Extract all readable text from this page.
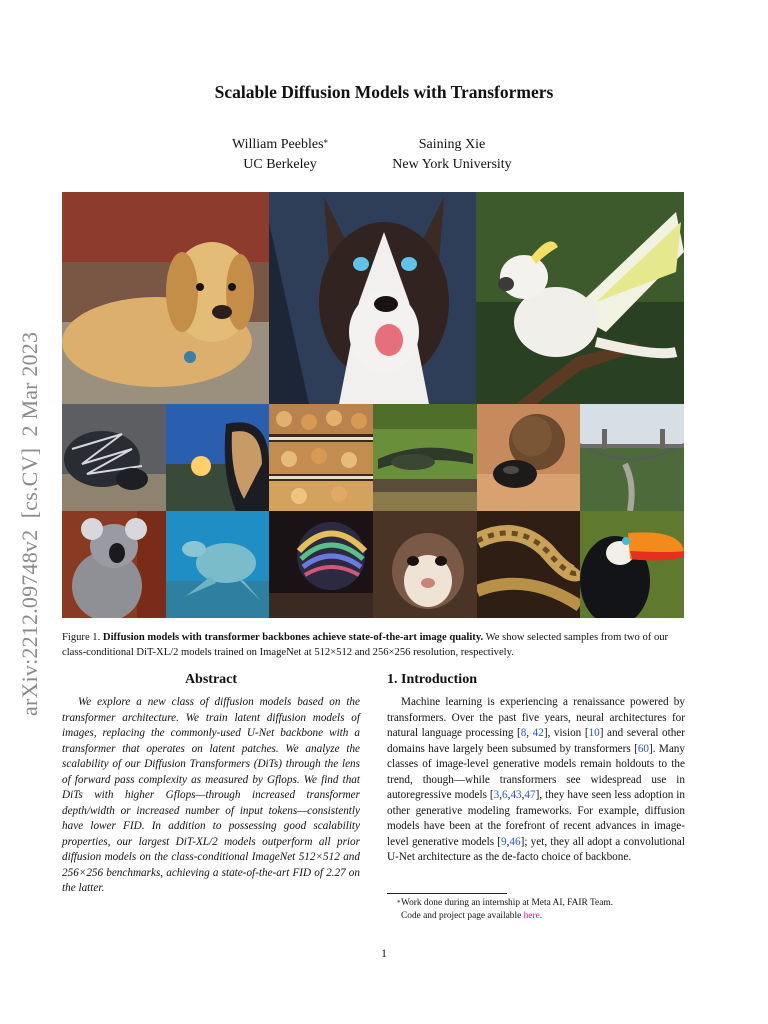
arXiv:2212.09748v2  [cs.CV]  2 Mar 2023
Scalable Diffusion Models with Transformers
William Peebles*
UC Berkeley
Saining Xie
New York University
Figure 1. Diffusion models with transformer backbones achieve state-of-the-art image quality. We show selected samples from two of our class-conditional DiT-XL/2 models trained on ImageNet at 512×512 and 256×256 resolution, respectively.
Abstract
We explore a new class of diffusion models based on the transformer architecture. We train latent diffusion models of images, replacing the commonly-used U-Net backbone with a transformer that operates on latent patches. We analyze the scalability of our Diffusion Transformers (DiTs) through the lens of forward pass complexity as measured by Gflops. We find that DiTs with higher Gflops—through increased transformer depth/width or increased number of input tokens—consistently have lower FID. In addition to possessing good scalability properties, our largest DiT-XL/2 models outperform all prior diffusion models on the class-conditional ImageNet 512×512 and 256×256 benchmarks, achieving a state-of-the-art FID of 2.27 on the latter.
1. Introduction
Machine learning is experiencing a renaissance powered by transformers. Over the past five years, neural architectures for natural language processing [8, 42], vision [10] and several other domains have largely been subsumed by transformers [60]. Many classes of image-level generative models remain holdouts to the trend, though—while transformers see widespread use in autoregressive models [3,6,43,47], they have seen less adoption in other generative modeling frameworks. For example, diffusion models have been at the forefront of recent advances in image-level generative models [9,46]; yet, they all adopt a convolutional U-Net architecture as the de-facto choice of backbone.
* Work done during an internship at Meta AI, FAIR Team.
Code and project page available here.
1
